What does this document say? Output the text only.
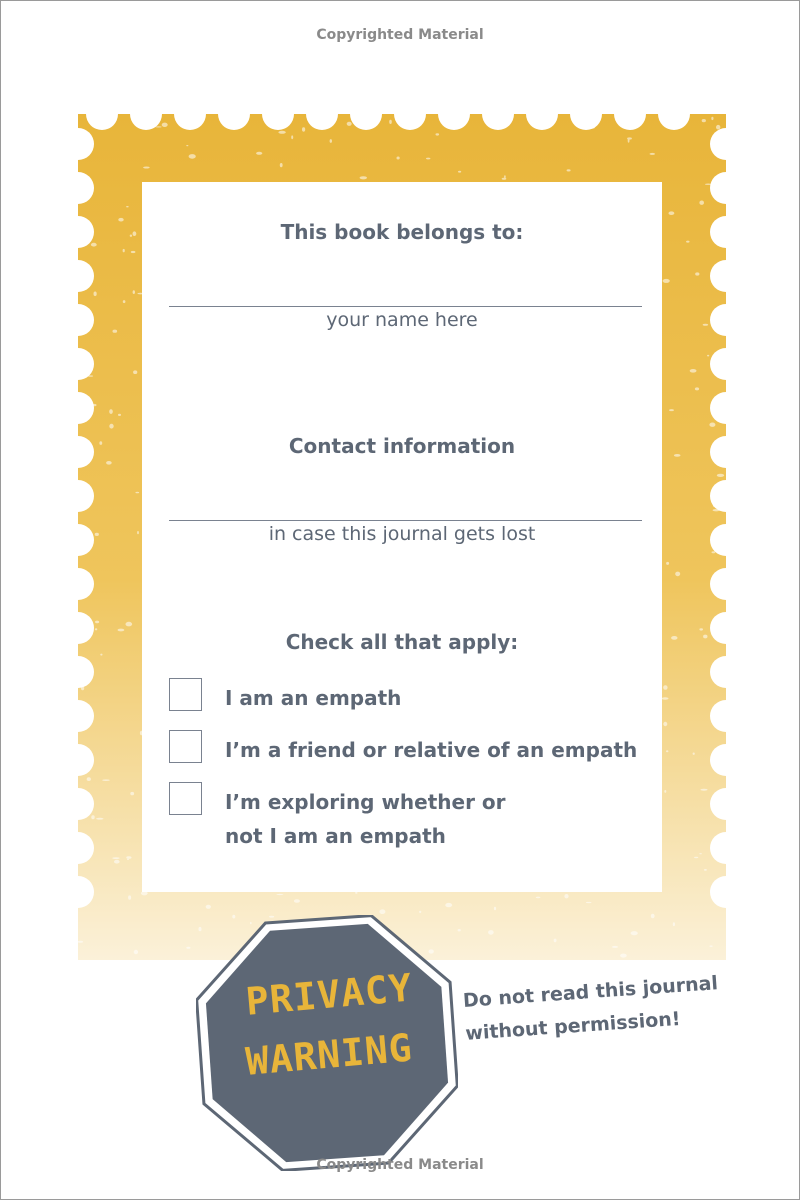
Copyrighted Material
This book belongs to:
your name here
Contact information
in case this journal gets lost
Check all that apply:
I am an empath
I’m a friend or relative of an empath
I’m exploring whether or
not I am an empath
PRIVACY
WARNING
Do not read this journal
without permission!
Copyrighted Material
